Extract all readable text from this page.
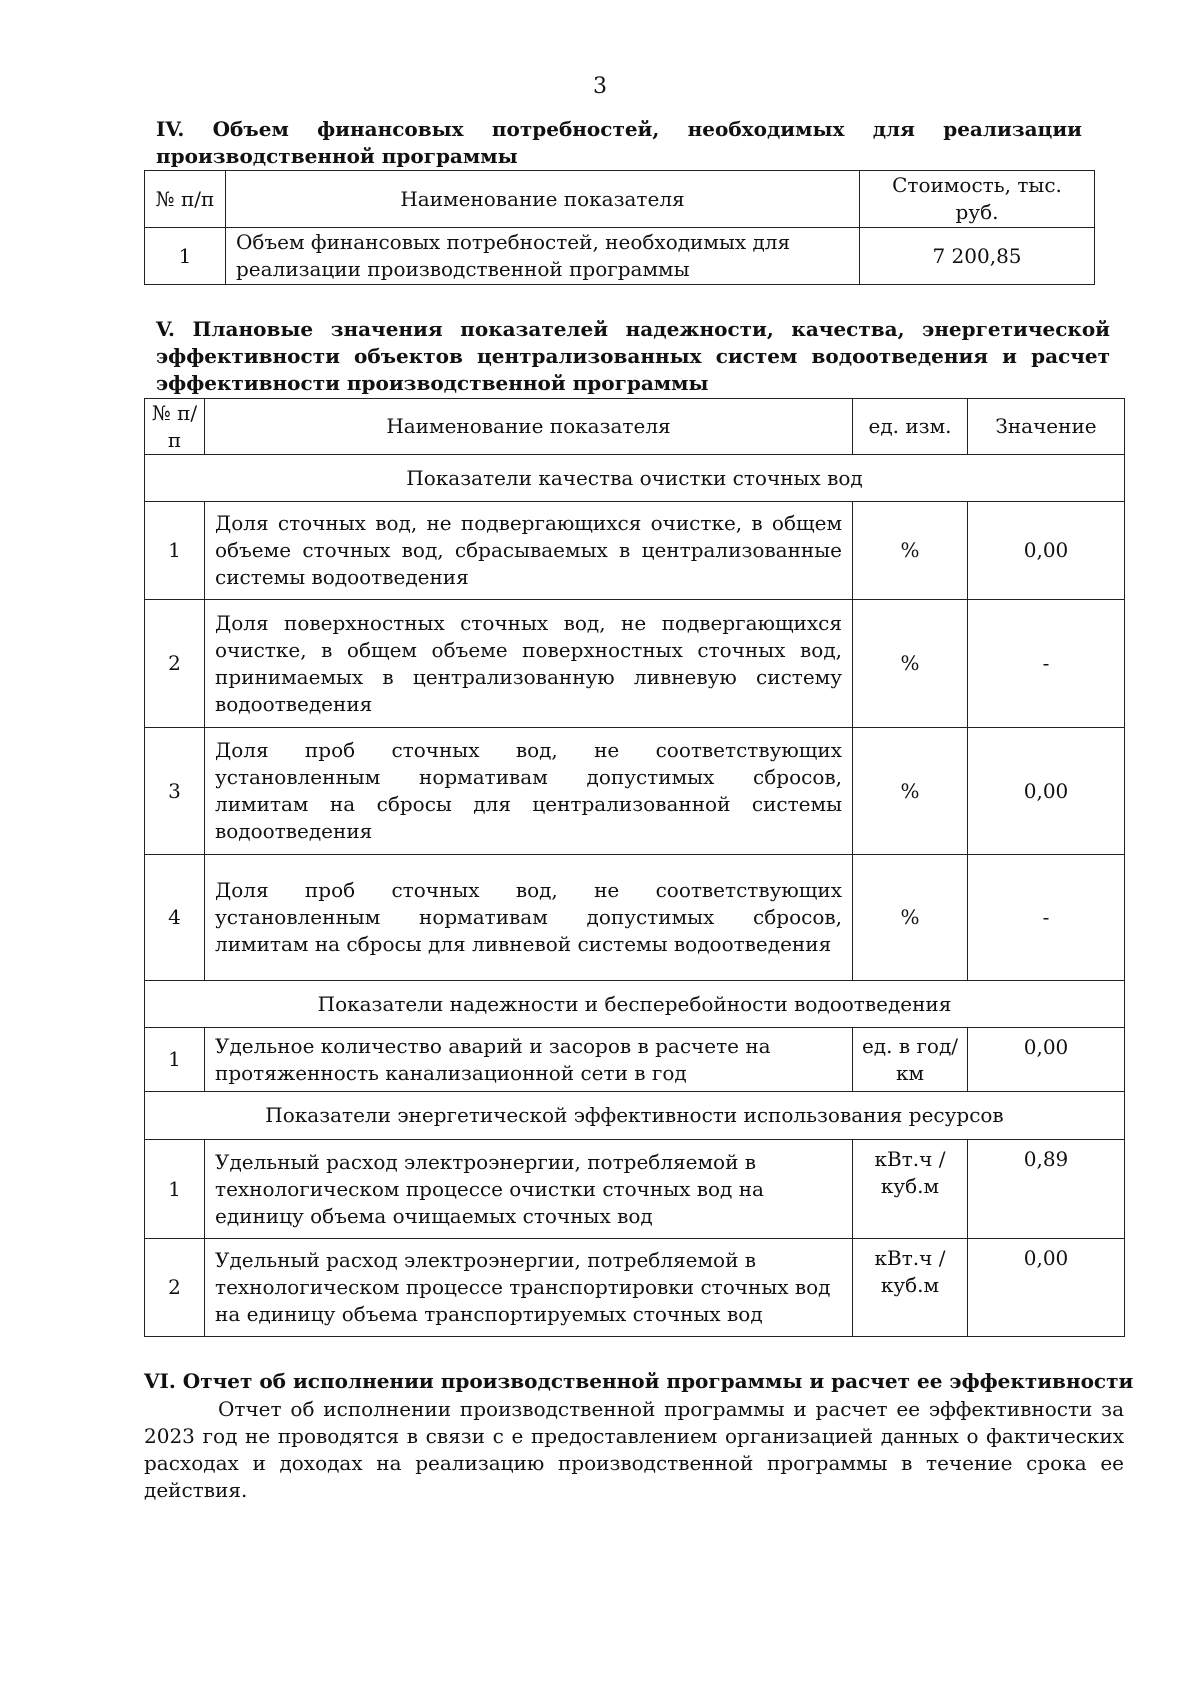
3
IV. Объем финансовых потребностей, необходимых для реализации
производственной программы
№ п/п	Наименование показателя	Стоимость, тыс. руб.
1	Объем финансовых потребностей, необходимых для реализации производственной программы	7 200,85
V. Плановые значения показателей надежности, качества, энергетической
эффективности объектов централизованных систем водоотведения и расчет
эффективности производственной программы
№ п/п	Наименование показателя	ед. изм.	Значение
Показатели качества очистки сточных вод			
1	Доля сточных вод, не подвергающихся очистке, в общем объеме сточных вод, сбрасываемых в централизованные системы водоотведения	%	0,00
2	Доля поверхностных сточных вод, не подвергающихся очистке, в общем объеме поверхностных сточных вод, принимаемых в централизованную ливневую систему водоотведения	%	-
3	Доля проб сточных вод, не соответствующих установленным нормативам допустимых сбросов, лимитам на сбросы для централизованной системы водоотведения	%	0,00
4	Доля проб сточных вод, не соответствующих установленным нормативам допустимых сбросов, лимитам на сбросы для ливневой системы водоотведения	%	-
Показатели надежности и бесперебойности водоотведения			
1	Удельное количество аварий и засоров в расчете на протяженность канализационной сети в год	ед. в год/ км	0,00
Показатели энергетической эффективности использования ресурсов			
1	Удельный расход электроэнергии, потребляемой в технологическом процессе очистки сточных вод на единицу объема очищаемых сточных вод	кВт.ч / куб.м	0,89
2	Удельный расход электроэнергии, потребляемой в технологическом процессе транспортировки сточных вод на единицу объема транспортируемых сточных вод	кВт.ч / куб.м	0,00
VI. Отчет об исполнении производственной программы и расчет ее эффективности
Отчет об исполнении производственной программы и расчет ее эффективности за 2023 год не проводятся в связи с е предоставлением организацией данных о фактических расходах и доходах на реализацию производственной программы в течение срока ее действия.
